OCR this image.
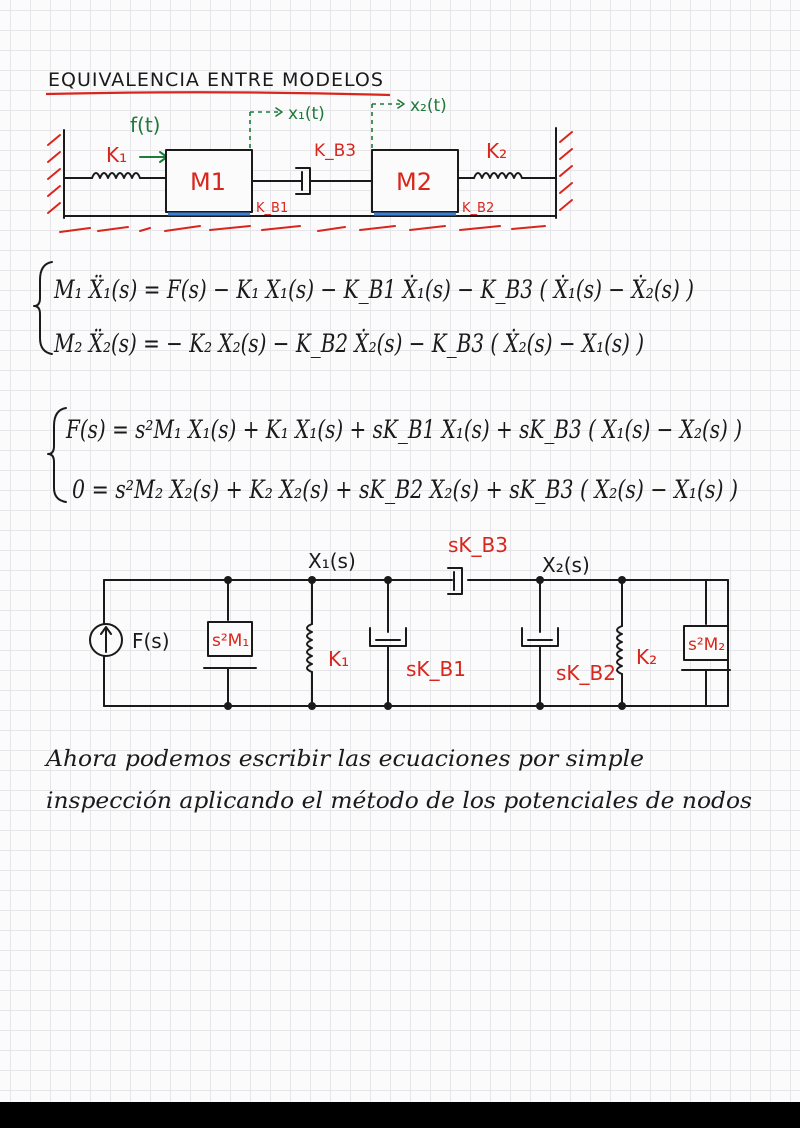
EQUIVALENCIA ENTRE MODELOS
K₁
f(t)
M1
K_B1
x₁(t)
K_B3
M2
K_B2
x₂(t)
K₂
M₁ Ẍ₁(s) = F(s) − K₁ X₁(s) − K_B1 Ẋ₁(s) − K_B3 ( Ẋ₁(s) − Ẋ₂(s) )
M₂ Ẍ₂(s) = − K₂ X₂(s) − K_B2 Ẋ₂(s) − K_B3 ( Ẋ₂(s) − X₁(s) )
F(s) = s²M₁ X₁(s) + K₁ X₁(s) + sK_B1 X₁(s) + sK_B3 ( X₁(s) − X₂(s) )
0 = s²M₂ X₂(s) + K₂ X₂(s) + sK_B2 X₂(s) + sK_B3 ( X₂(s) − X₁(s) )
X₁(s)	X₂(s)
F(s) s²M₁
K₁	sK_B1
sK_B3
sK_B2
K₂ s²M₂
Ahora podemos escribir las ecuaciones por simple
inspección aplicando el método de los potenciales de nodos
